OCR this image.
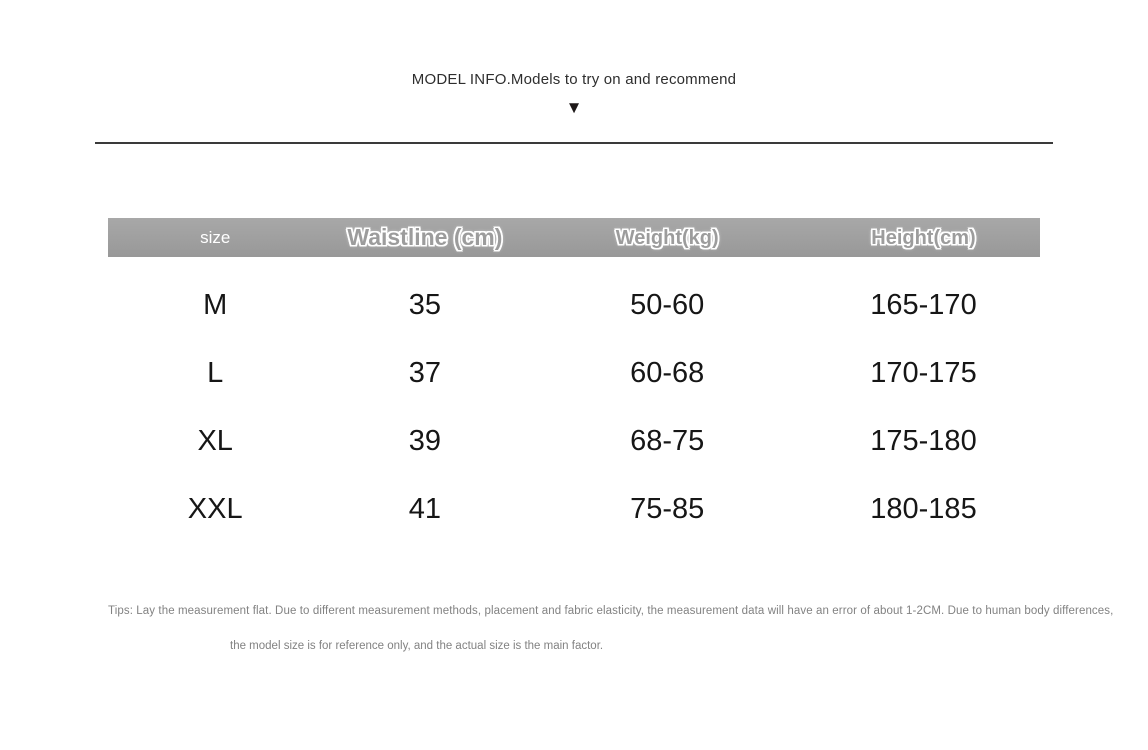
MODEL INFO.Models to try on and recommend
▼
size	Waistline (cm)	Weight(kg)	Height(cm)
M	35	50-60	165-170
L	37	60-68	170-175
XL	39	68-75	175-180
XXL	41	75-85	180-185
Tips: Lay the measurement flat. Due to different measurement methods, placement and fabric elasticity, the measurement data will have an error of about 1-2CM. Due to human body differences,
the model size is for reference only, and the actual size is the main factor.
